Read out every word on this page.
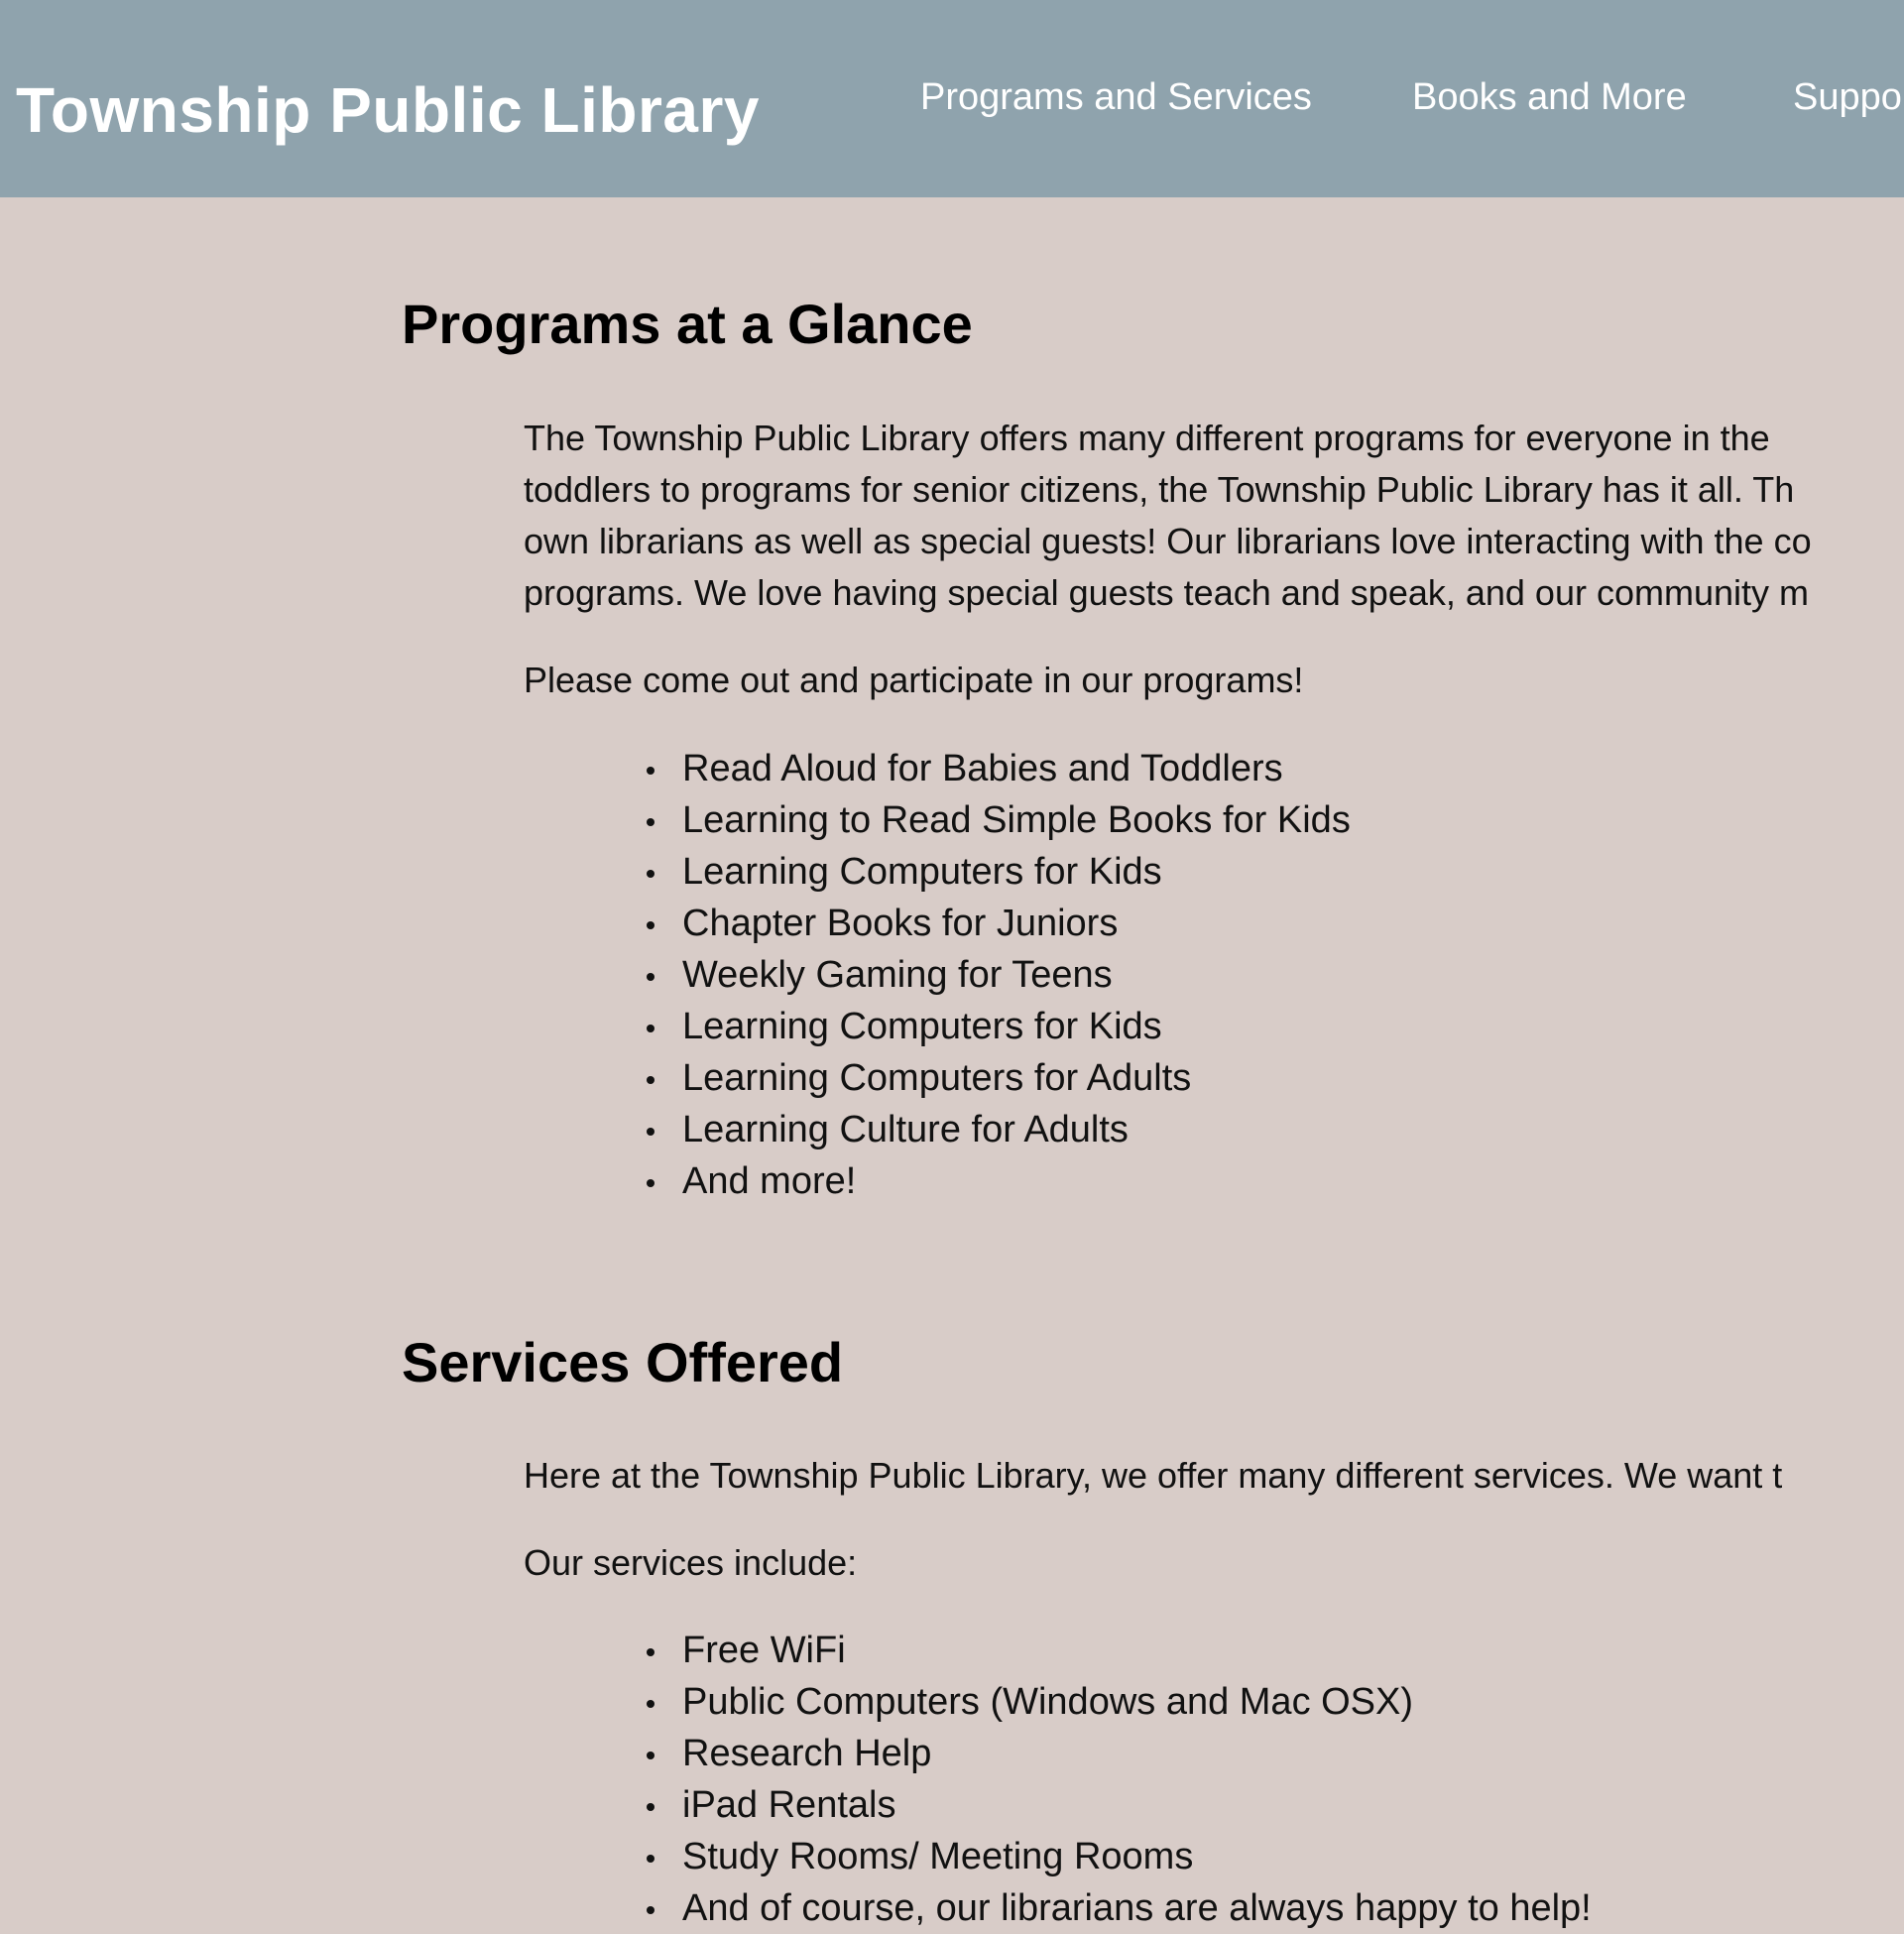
Township Public Library	Programs and Services	Books and More	Suppo
Programs at a Glance

The Township Public Library offers many different programs for everyone in the
toddlers to programs for senior citizens, the Township Public Library has it all. Th
own librarians as well as special guests! Our librarians love interacting with the co
programs. We love having special guests teach and speak, and our community m

Please come out and participate in our programs!

Read Aloud for Babies and Toddlers
Learning to Read Simple Books for Kids
Learning Computers for Kids
Chapter Books for Juniors
Weekly Gaming for Teens
Learning Computers for Kids
Learning Computers for Adults
Learning Culture for Adults
And more!
Services Offered

Here at the Township Public Library, we offer many different services. We want t

Our services include:

Free WiFi
Public Computers (Windows and Mac OSX)
Research Help
iPad Rentals
Study Rooms/ Meeting Rooms
And of course, our librarians are always happy to help!
